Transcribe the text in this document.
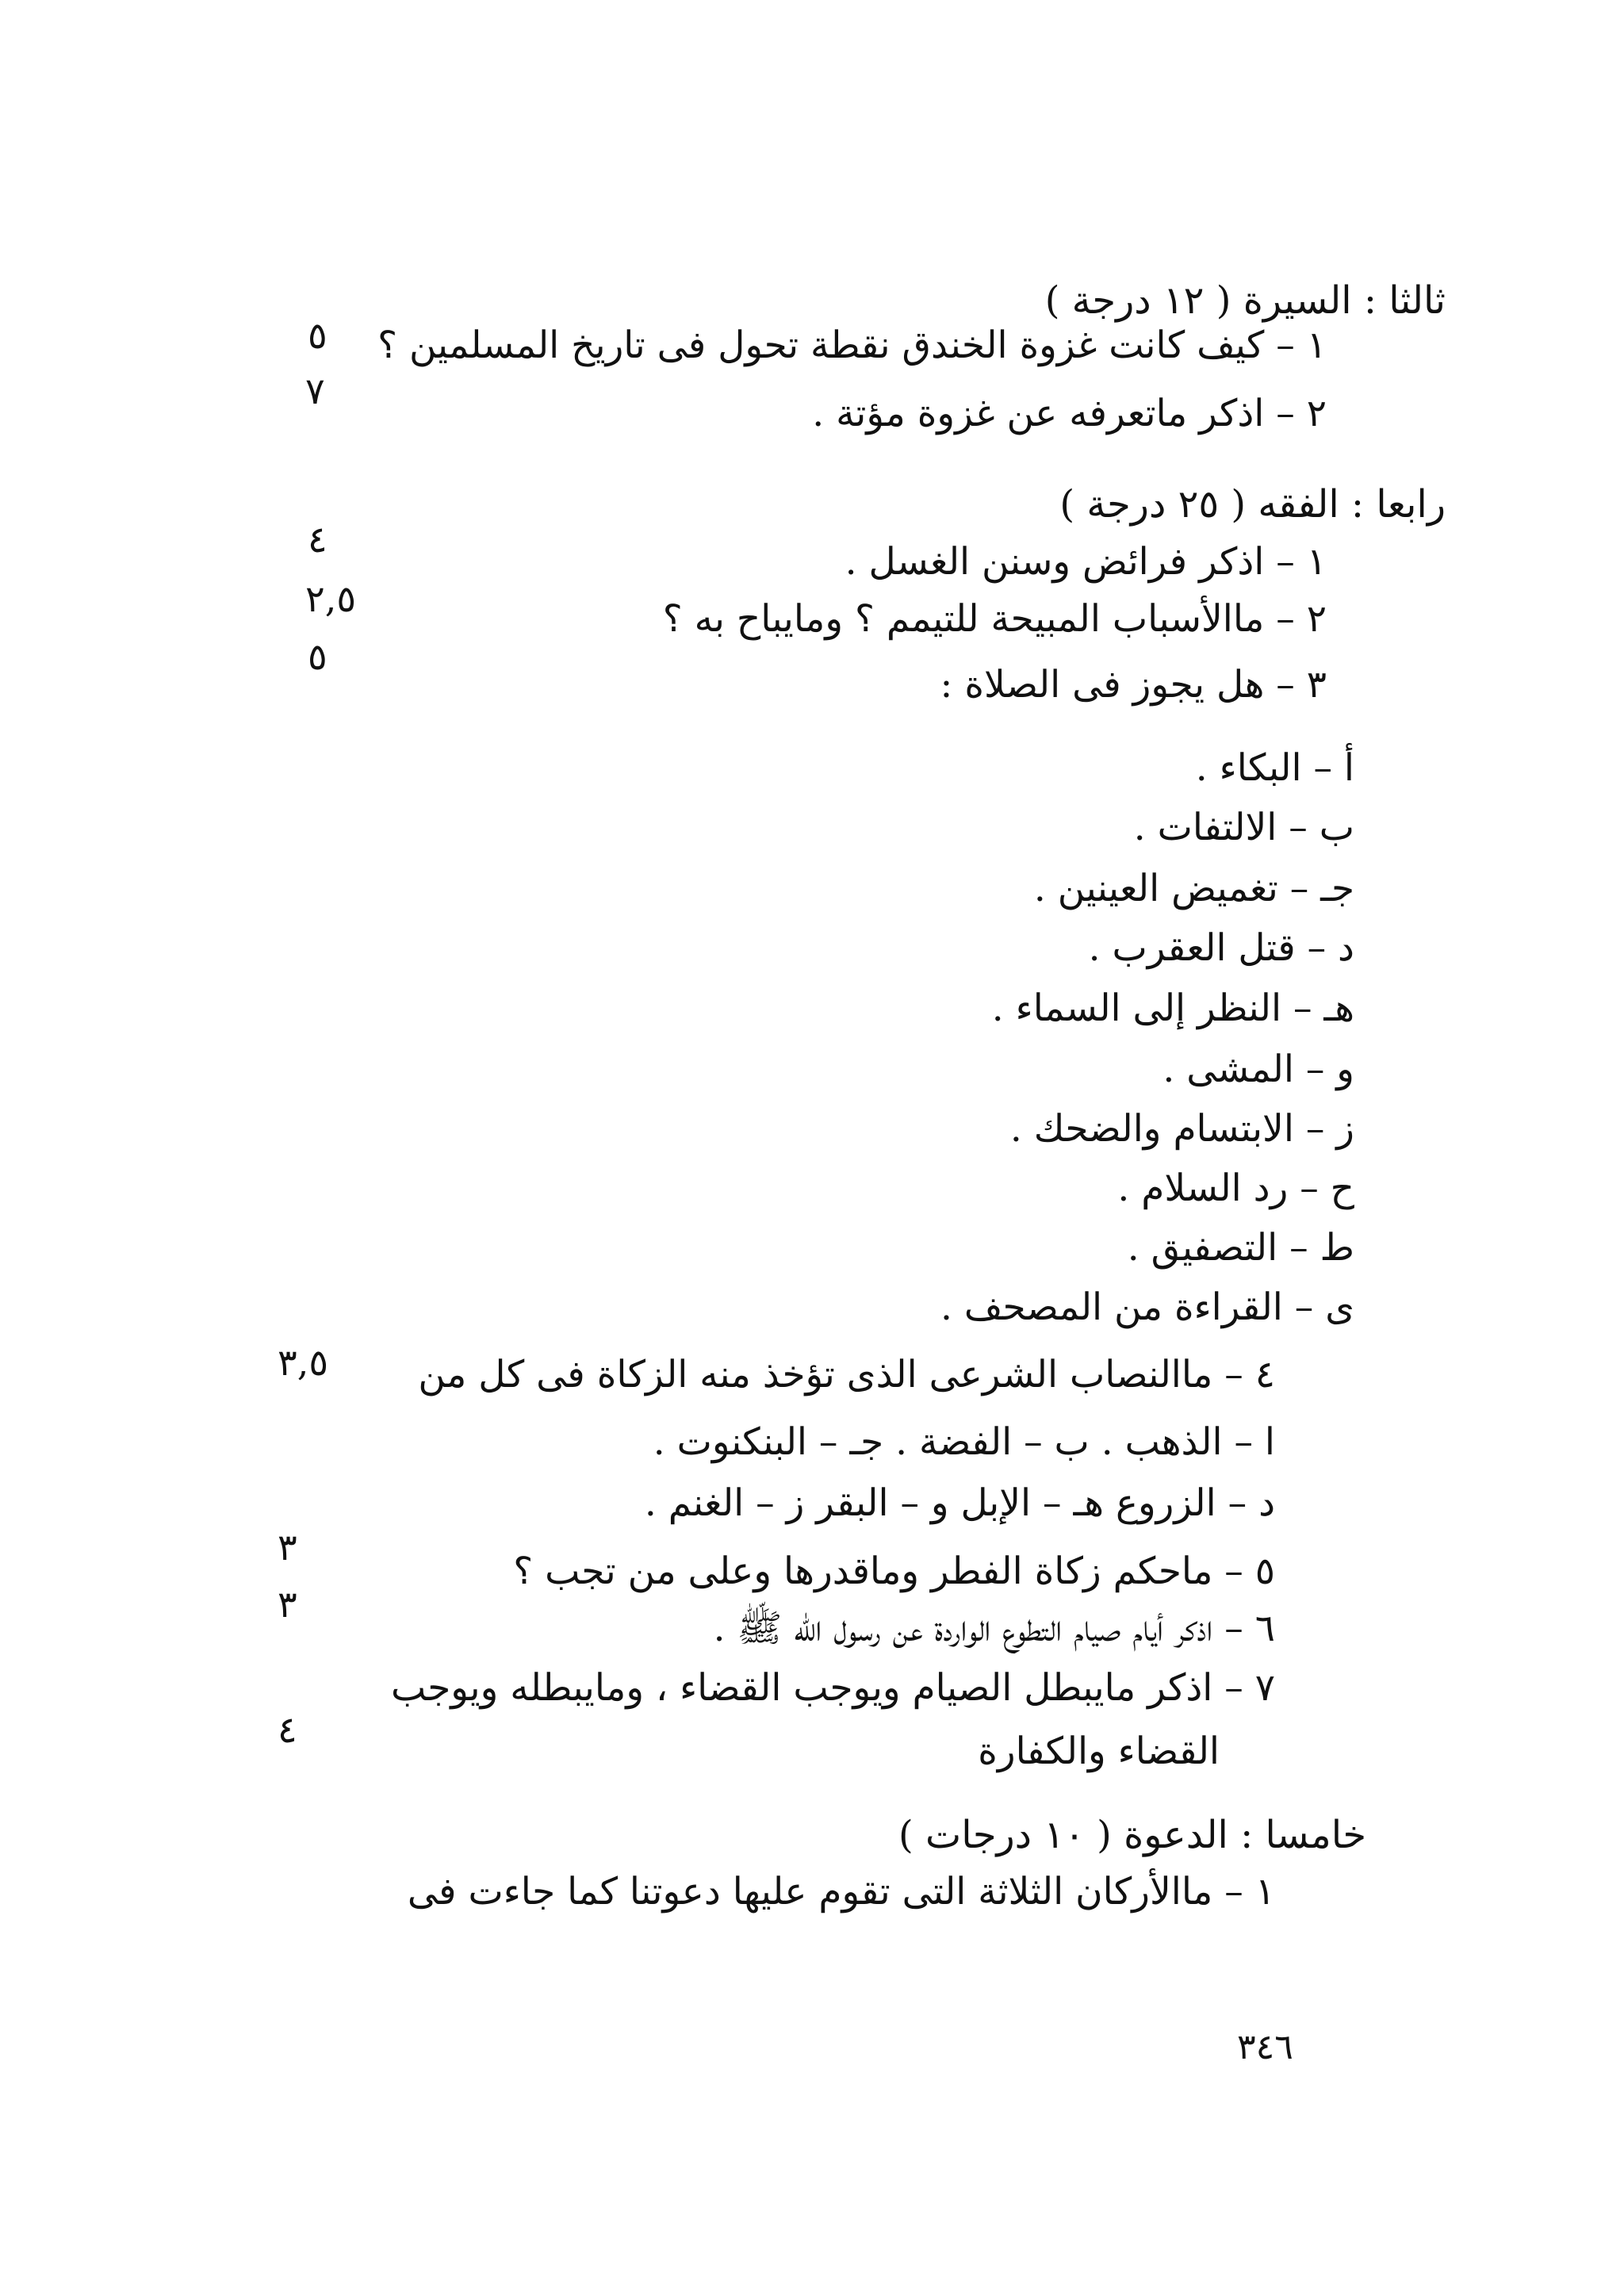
ثالثا : السيرة ( ١٢ درجة )
١ – كيف كانت غزوة الخندق نقطة تحول فى تاريخ المسلمين ؟
٥
٢ – اذكر ماتعرفه عن غزوة مؤتة .
٧
رابعا : الفقه ( ٢٥ درجة )
٤
١ – اذكر فرائض وسنن الغسل .
٢,٥	٢ – ماالأسباب المبيحة للتيمم ؟ ومايباح به ؟
٥
٣ – هل يجوز فى الصلاة :
أ – البكاء .
ب – الالتفات .
جـ – تغميض العينين .
د – قتل العقرب .
هـ – النظر إلى السماء .
و – المشى .
ز – الابتسام والضحك .
ح – رد السلام .
ط – التصفيق .
ى – القراءة من المصحف .
٣,٥ ٤ – ماالنصاب الشرعى الذى تؤخذ منه الزكاة فى كل من
ا – الذهب . ب – الفضة . جـ – البنكنوت .
د – الزروع هـ – الإبل و – البقر ز – الغنم .
٣
٥ – ماحكم زكاة الفطر وماقدرها وعلى من تجب ؟
٣
٦ – اذكر أيام صيام التطوع الواردة عن رسول الله ﷺ .
٧ – اذكر مايبطل الصيام ويوجب القضاء ، ومايبطله ويوجب
٤	القضاء والكفارة
خامسا : الدعوة ( ١٠ درجات )
١ – ماالأركان الثلاثة التى تقوم عليها دعوتنا كما جاءت فى
٣٤٦
